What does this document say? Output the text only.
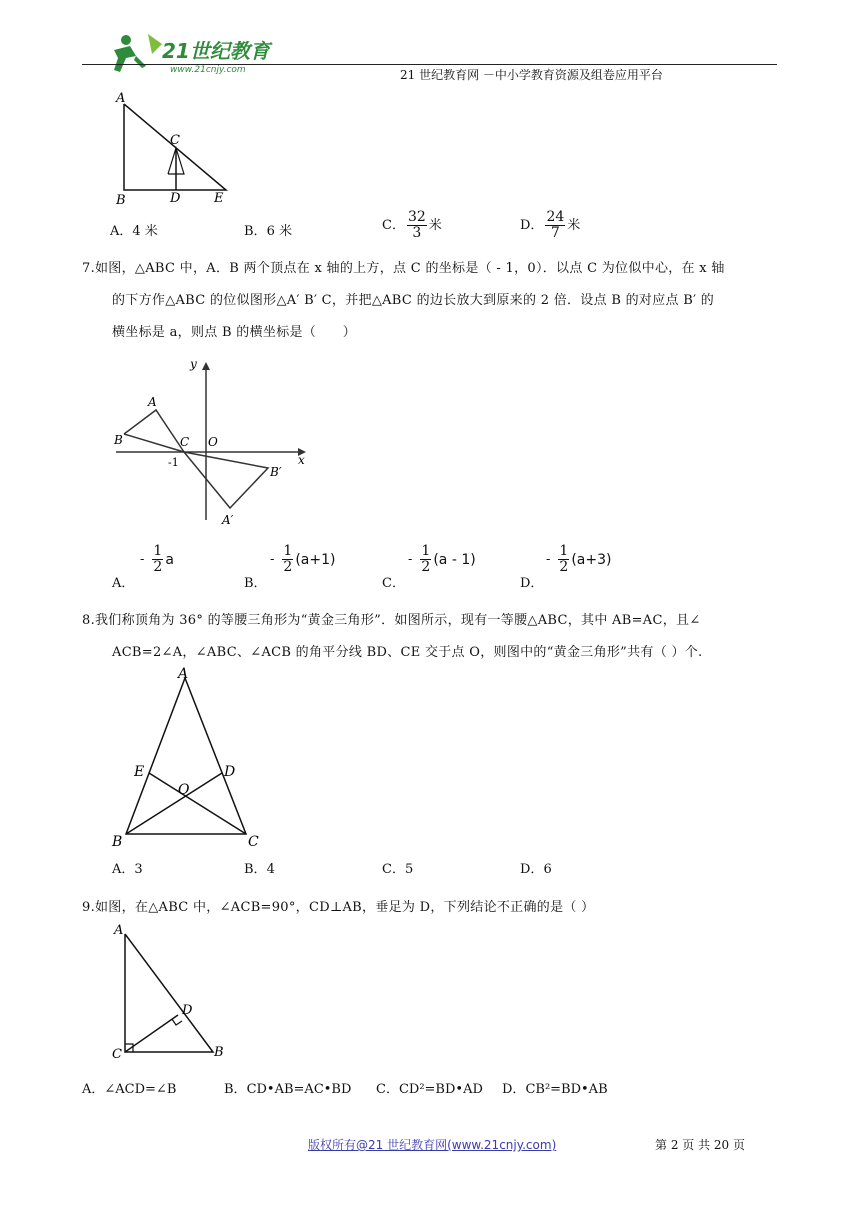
21世纪教育
www.21cnjy.com	21 世纪教育网 －中小学教育资源及组卷应用平台
A
C
B	D	E
A．4 米	B．6 米	C． $\frac{32}{3}$ 米	D． $\frac{24}{7}$ 米
7.如图，△ABC 中，A．B 两个顶点在 x 轴的上方，点 C 的坐标是（ - 1，0）．以点 C 为位似中心，在 x 轴
的下方作△ABC 的位似图形△A′ B′ C，并把△ABC 的边长放大到原来的 2 倍．设点 B 的对应点 B′ 的
横坐标是 a，则点 B 的横坐标是（　　）
y
x
A
B	C O
-1
A′
B′
A．
- $\frac{1}{2}$ a
B．
- $\frac{1}{2} (a+1)$
C．
- $\frac{1}{2} (a - 1)$
D．
- $\frac{1}{2} (a+3)$
8.我们称顶角为 36° 的等腰三角形为“黄金三角形”．如图所示，现有一等腰△ABC，其中 AB=AC，且∠
ACB=2∠A，∠ABC、∠ACB 的角平分线 BD、CE 交于点 O，则图中的“黄金三角形”共有（ ）个.
A
E	D
O
B	C
A．3	B．4	C．5	D．6
9.如图，在△ABC 中，∠ACB=90°，CD⊥AB，垂足为 D，下列结论不正确的是（ ）
A
D
C	B
A．∠ACD=∠B	B．CD•AB=AC•BD C．CD²=BD•AD D．CB²=BD•AB
版权所有@21 世纪教育网(www.21cnjy.com)	第 2 页 共 20 页
